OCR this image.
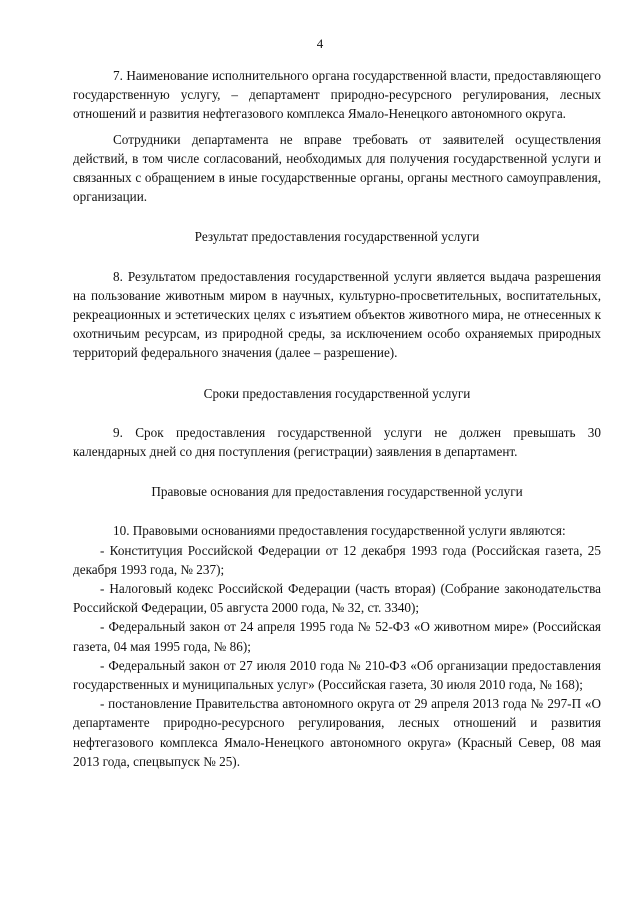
4

7. Наименование исполнительного органа государственной власти, предоставляющего государственную услугу, – департамент природно-ресурсного регулирования, лесных отношений и развития нефтегазового комплекса Ямало-Ненецкого автономного округа.

Сотрудники департамента не вправе требовать от заявителей осуществления действий, в том числе согласований, необходимых для получения государственной услуги и связанных с обращением в иные государственные органы, органы местного самоуправления, организации.

Результат предоставления государственной услуги

8. Результатом предоставления государственной услуги является выдача разрешения на пользование животным миром в научных, культурно-просветительных, воспитательных, рекреационных и эстетических целях с изъятием объектов животного мира, не отнесенных к охотничьим ресурсам, из природной среды, за исключением особо охраняемых природных территорий федерального значения (далее – разрешение).

Сроки предоставления государственной услуги

9. Срок предоставления государственной услуги не должен превышать 30 календарных дней со дня поступления (регистрации) заявления в департамент.

Правовые основания для предоставления государственной услуги

10. Правовыми основаниями предоставления государственной услуги являются:

- Конституция Российской Федерации от 12 декабря 1993 года (Российская газета, 25 декабря 1993 года, № 237);

- Налоговый кодекс Российской Федерации (часть вторая) (Собрание законодательства Российской Федерации, 05 августа 2000 года, № 32, ст. 3340);

- Федеральный закон от 24 апреля 1995 года № 52-ФЗ «О животном мире» (Российская газета, 04 мая 1995 года, № 86);

- Федеральный закон от 27 июля 2010 года № 210-ФЗ «Об организации предоставления государственных и муниципальных услуг» (Российская газета, 30 июля 2010 года, № 168);

- постановление Правительства автономного округа от 29 апреля 2013 года № 297-П «О департаменте природно-ресурсного регулирования, лесных отношений и развития нефтегазового комплекса Ямало-Ненецкого автономного округа» (Красный Север, 08 мая 2013 года, спецвыпуск № 25).
